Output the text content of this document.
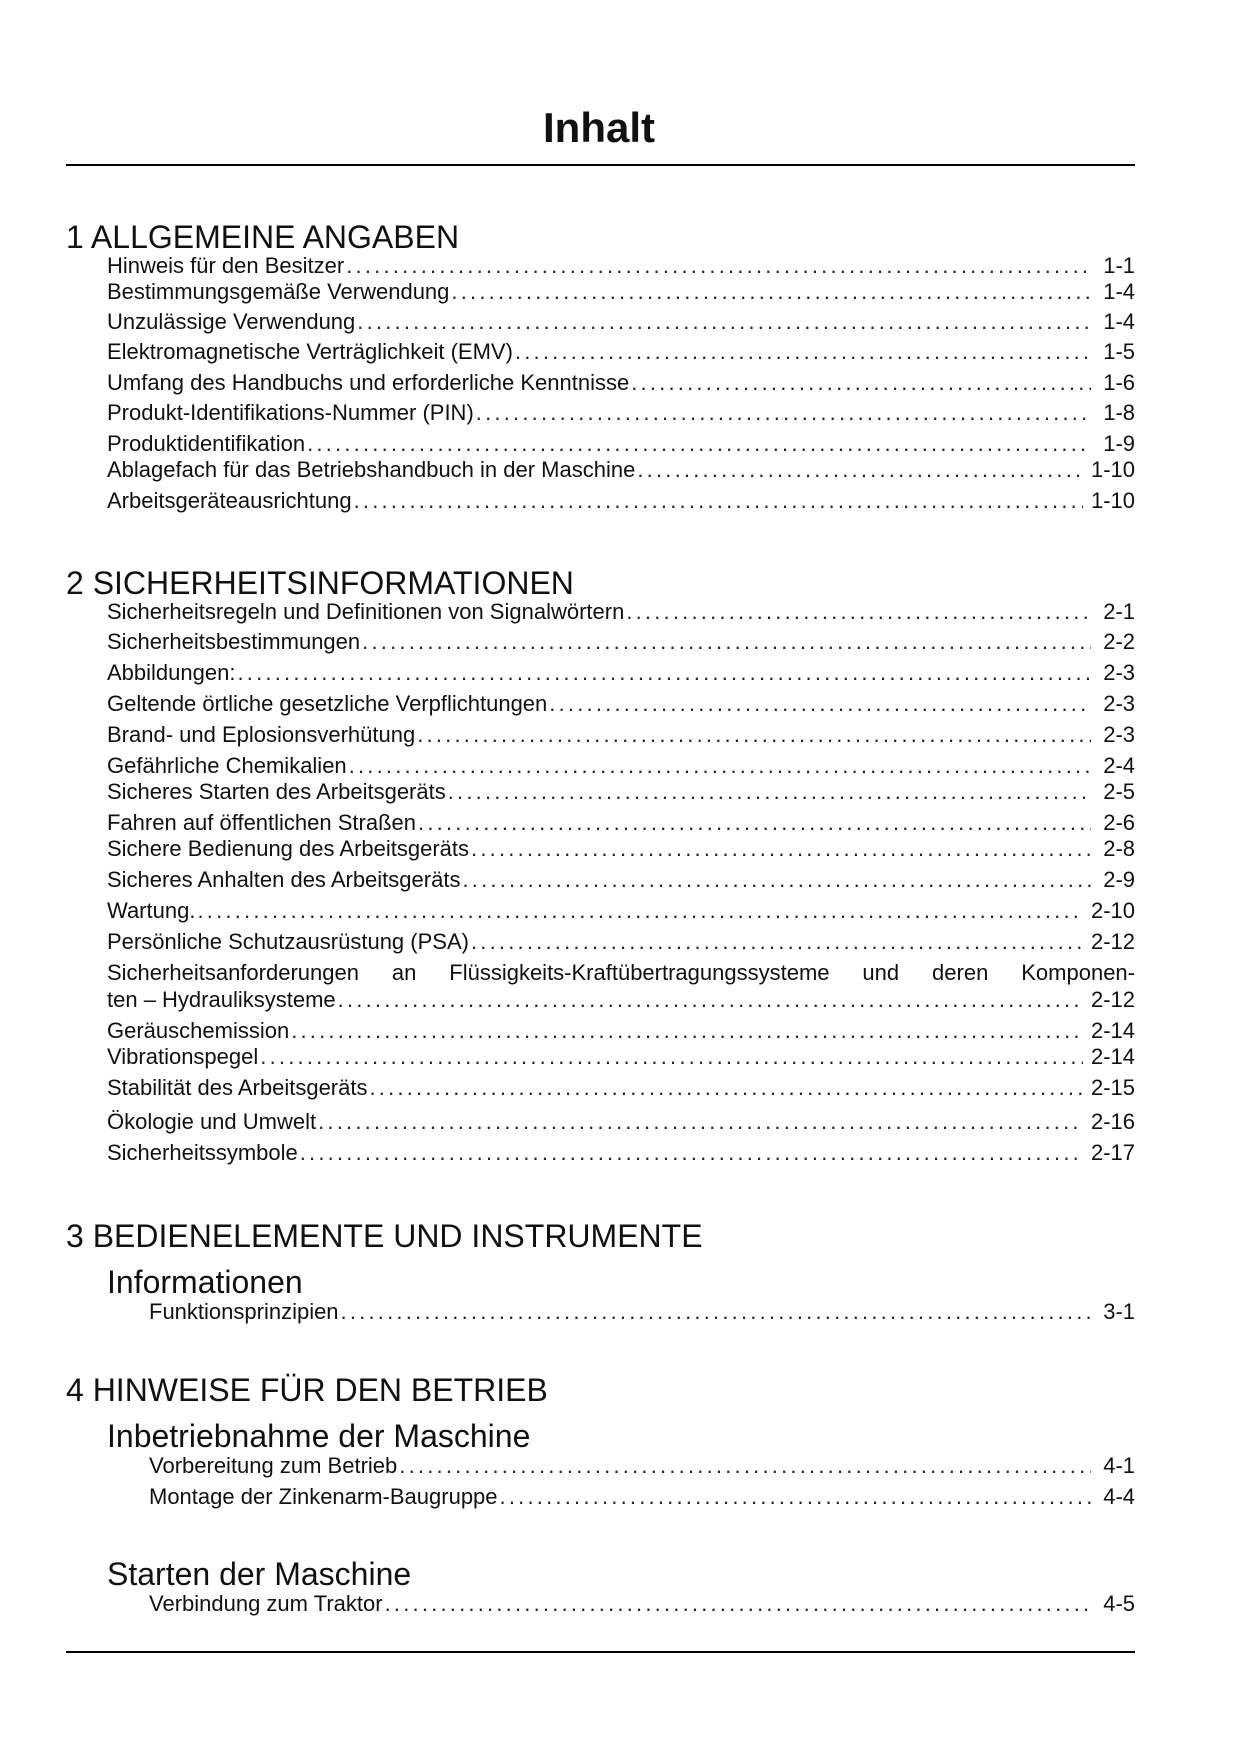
Inhalt
1 ALLGEMEINE ANGABEN
Hinweis für den Besitzer .....	1-1
Bestimmungsgemäße Verwendung .....	1-4
Unzulässige Verwendung .....	1-4
Elektromagnetische Verträglichkeit (EMV) .....	1-5
Umfang des Handbuchs und erforderliche Kenntnisse .....	1-6
Produkt-Identifikations-Nummer (PIN) .....	1-8
Produktidentifikation .....	1-9
Ablagefach für das Betriebshandbuch in der Maschine .....	1-10
Arbeitsgeräteausrichtung .....	1-10
2 SICHERHEITSINFORMATIONEN
Sicherheitsregeln und Definitionen von Signalwörtern .....	2-1
Sicherheitsbestimmungen .....	2-2
Abbildungen: .....	2-3
Geltende örtliche gesetzliche Verpflichtungen .....	2-3
Brand- und Eplosionsverhütung .....	2-3
Gefährliche Chemikalien .....	2-4
Sicheres Starten des Arbeitsgeräts .....	2-5
Fahren auf öffentlichen Straßen .....	2-6
Sichere Bedienung des Arbeitsgeräts .....	2-8
Sicheres Anhalten des Arbeitsgeräts .....	2-9
Wartung. .....	2-10
Persönliche Schutzausrüstung (PSA) .....	2-12
Sicherheitsanforderungen an Flüssigkeits-Kraftübertragungssysteme und deren Komponen-
ten – Hydrauliksysteme .....	2-12
Geräuschemission .....	2-14
Vibrationspegel .....	2-14
Stabilität des Arbeitsgeräts .....	2-15
Ökologie und Umwelt .....	2-16
Sicherheitssymbole .....	2-17
3 BEDIENELEMENTE UND INSTRUMENTE
Informationen
Funktionsprinzipien .....	3-1
4 HINWEISE FÜR DEN BETRIEB
Inbetriebnahme der Maschine
Vorbereitung zum Betrieb .....	4-1
Montage der Zinkenarm-Baugruppe .....	4-4
Starten der Maschine
Verbindung zum Traktor .....	4-5
